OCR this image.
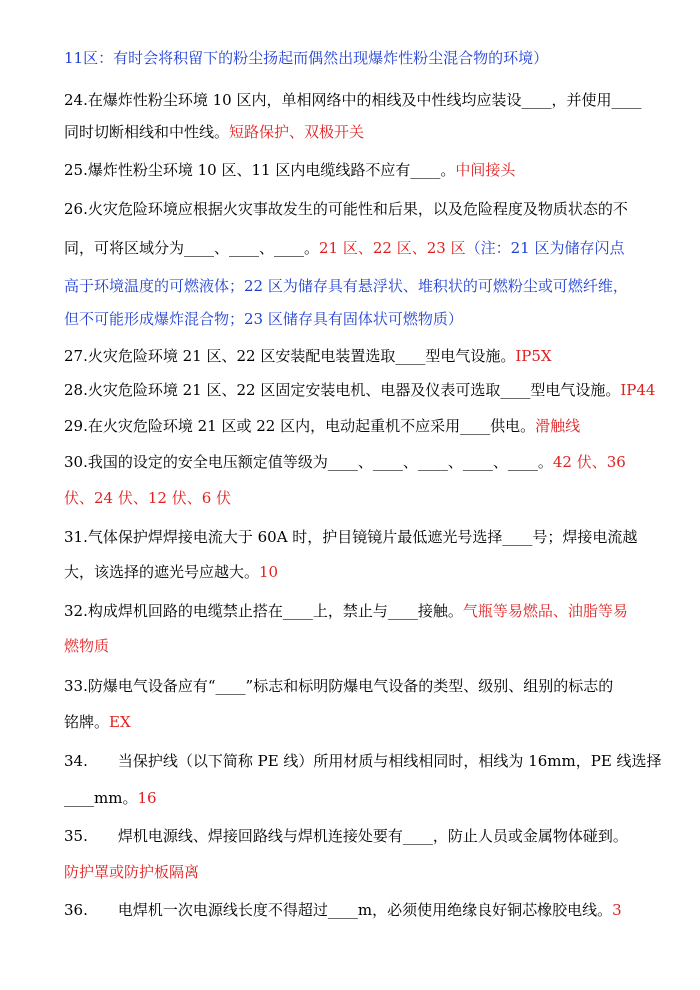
11区：有时会将积留下的粉尘扬起而偶然出现爆炸性粉尘混合物的环境）
24.在爆炸性粉尘环境 10 区内，单相网络中的相线及中性线均应装设____，并使用____
同时切断相线和中性线。短路保护、双极开关
25.爆炸性粉尘环境 10 区、11 区内电缆线路不应有____。中间接头
26.火灾危险环境应根据火灾事故发生的可能性和后果，以及危险程度及物质状态的不
同，可将区域分为____、____、____。21 区、22 区、23 区（注：21 区为储存闪点
高于环境温度的可燃液体；22 区为储存具有悬浮状、堆积状的可燃粉尘或可燃纤维，
但不可能形成爆炸混合物；23 区储存具有固体状可燃物质）
27.火灾危险环境 21 区、22 区安装配电装置选取____型电气设施。IP5X
28.火灾危险环境 21 区、22 区固定安装电机、电器及仪表可选取____型电气设施。IP44
29.在火灾危险环境 21 区或 22 区内，电动起重机不应采用____供电。滑触线
30.我国的设定的安全电压额定值等级为____、____、____、____、____。42 伏、36
伏、24 伏、12 伏、6 伏
31.气体保护焊焊接电流大于 60A 时，护目镜镜片最低遮光号选择____号；焊接电流越
大，该选择的遮光号应越大。10
32.构成焊机回路的电缆禁止搭在____上，禁止与____接触。气瓶等易燃品、油脂等易
燃物质
33.防爆电气设备应有“____”标志和标明防爆电气设备的类型、级别、组别的标志的
铭牌。EX
34.　　当保护线（以下简称 PE 线）所用材质与相线相同时，相线为 16mm，PE 线选择
____mm。16
35.　　焊机电源线、焊接回路线与焊机连接处要有____，防止人员或金属物体碰到。
防护罩或防护板隔离
36.　　电焊机一次电源线长度不得超过____m，必须使用绝缘良好铜芯橡胶电线。3
